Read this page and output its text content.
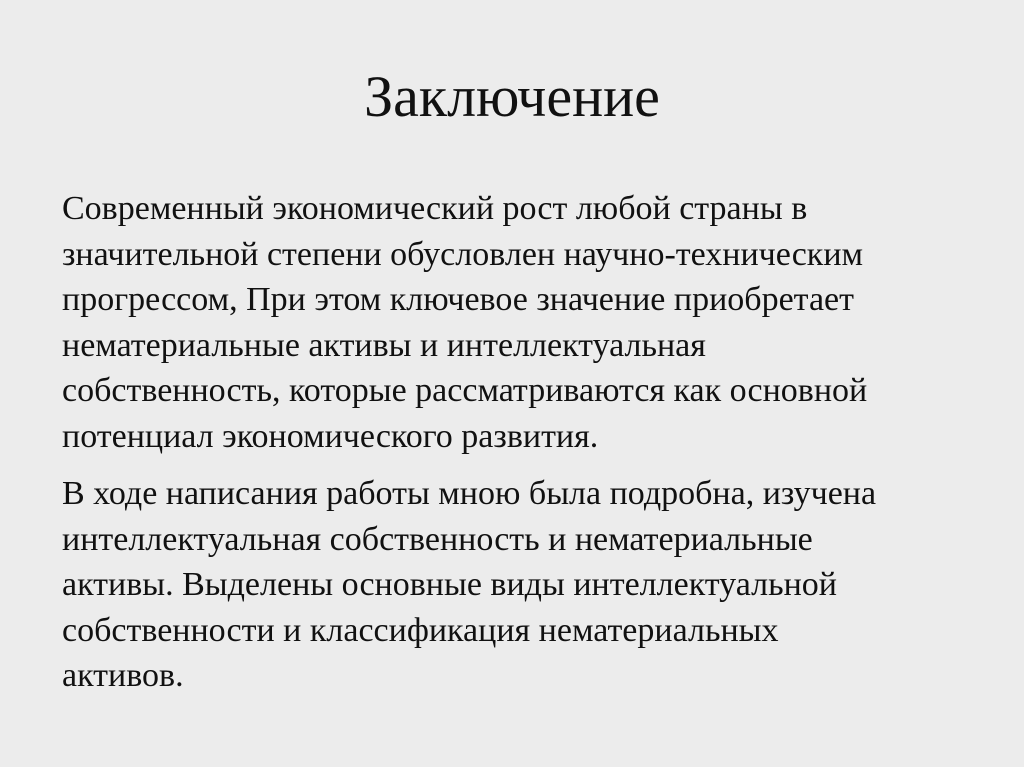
Заключение

Современный экономический рост любой страны в
значительной степени обусловлен научно-техническим
прогрессом, При этом ключевое значение приобретает
нематериальные активы и интеллектуальная
собственность, которые рассматриваются как основной
потенциал экономического развития.

В ходе написания работы мною была подробна, изучена
интеллектуальная собственность и нематериальные
активы. Выделены основные виды интеллектуальной
собственности и классификация нематериальных
активов.
